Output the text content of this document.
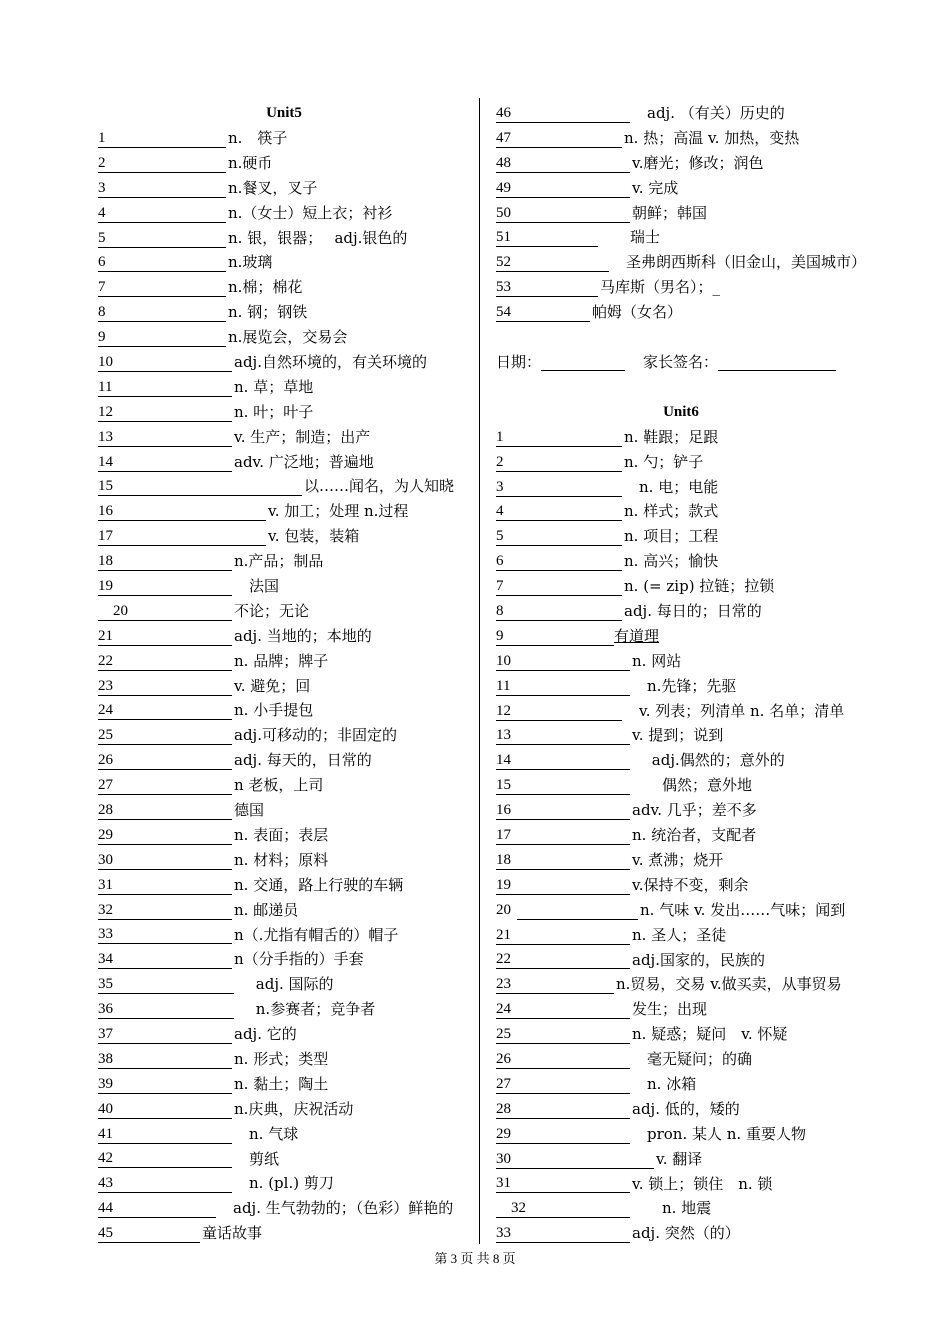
Unit5
1	n.　筷子
2	n.硬币
3	n.餐叉，叉子
4	n.（女士）短上衣；衬衫
5	n. 银，银器；　 adj.银色的
6	n.玻璃
7	n.棉；棉花
8	n. 钢；钢铁
9	n.展览会，交易会
10	adj.自然环境的，有关环境的
11	n. 草；草地
12	n. 叶；叶子
13	v. 生产；制造；出产
14	adv. 广泛地；普遍地
15	以……闻名，为人知晓
16	v. 加工；处理 n.过程
17	v. 包装，装箱
18	n.产品；制品
19	　法国
　20	不论；无论
21	adj. 当地的；本地的
22	n. 品牌；牌子
23	v. 避免；回
24	n. 小手提包
25	adj.可移动的；非固定的
26	adj. 每天的，日常的
27	n 老板，上司
28	德国
29	n. 表面；表层
30	n. 材料；原料
31	n. 交通，路上行驶的车辆
32	n. 邮递员
33	n（.尤指有帽舌的）帽子
34	n（分手指的）手套
35	　 adj. 国际的
36	　 n.参赛者；竞争者
37	adj. 它的
38	n. 形式；类型
39	n. 黏土；陶土
40	n.庆典，庆祝活动
41	　n. 气球
42	　剪纸
43	　n. (pl.) 剪刀
44	　adj. 生气勃勃的；（色彩）鲜艳的
45	童话故事
46	　adj. （有关）历史的
47	n. 热；高温 v. 加热，变热
48	v.磨光；修改；润色
49	v. 完成
50	朝鲜；韩国
51	　　瑞士
52	　圣弗朗西斯科（旧金山，美国城市）
53	马库斯（男名）；_
54	帕姆（女名）
日期：	家长签名：
Unit6
1	n. 鞋跟；足跟
2	n. 勺；铲子
3	　n. 电；电能
4	n. 样式；款式
5	n. 项目；工程
6	n. 高兴；愉快
7	n. (= zip) 拉链；拉锁
8	adj. 每日的；日常的
9	有道理
10	n. 网站
11	　n.先锋；先驱
12	　v. 列表；列清单 n. 名单；清单
13	v. 提到；说到
14	　 adj.偶然的；意外的
15	　　偶然；意外地
16	adv. 几乎；差不多
17	n. 统治者，支配者
18	v. 煮沸；烧开
19	v.保持不变，剩余
20	n. 气味 v. 发出……气味；闻到
21	n. 圣人；圣徒
22	adj.国家的，民族的
23	n.贸易，交易 v.做买卖，从事贸易
24	发生；出现
25	n. 疑惑；疑问　v. 怀疑
26	　毫无疑问；的确
27	　n. 冰箱
28	adj. 低的，矮的
29	　pron. 某人 n. 重要人物
30	v. 翻译
31	v. 锁上；锁住　n. 锁
　32	　　n. 地震
33	adj. 突然（的）
第 3 页 共 8 页
